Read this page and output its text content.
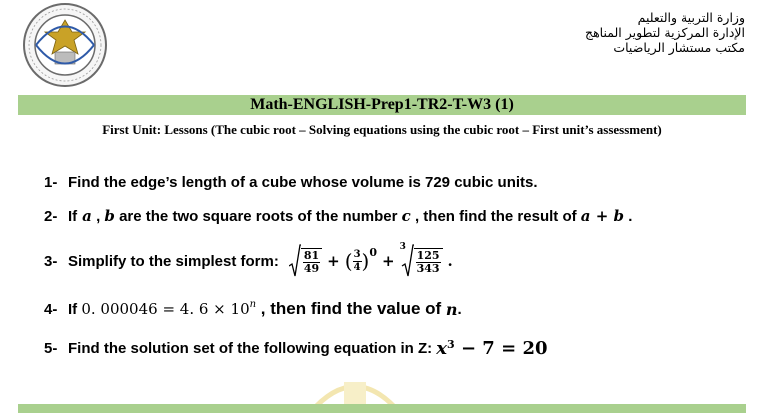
وزارة التربية والتعليم
الإدارة المركزية لتطوير المناهج
مكتب مستشار الرياضيات
Math-ENGLISH-Prep1-TR2-T-W3 (1)
First Unit: Lessons (The cubic root – Solving equations using the cubic root – First unit’s assessment)
1- Find the edge’s length of a cube whose volume is 729 cubic units.
2- If a , b are the two square roots of the number c , then find the result of a + b .
3- Simplify to the simplest form: $\frac{81}{49}$ + ( $\frac{3}{4}$ ) 0 +
3
$\frac{125}{343}$ .
4- If 0. 000046 = 4. 6 × 10 n , then find the value of n .
5- Find the solution set of the following equation in Z: x 3 − 7 = 20
